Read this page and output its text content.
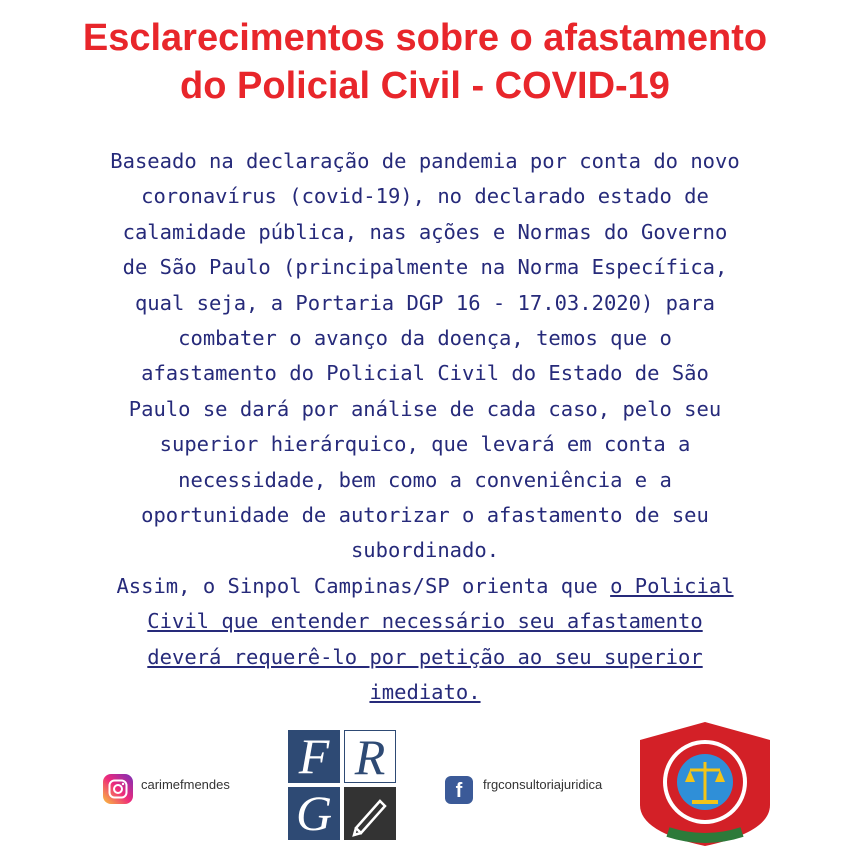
Esclarecimentos sobre o afastamento
do Policial Civil - COVID-19
Baseado na declaração de pandemia por conta do novo
coronavírus (covid-19), no declarado estado de
calamidade pública, nas ações e Normas do Governo
de São Paulo (principalmente na Norma Específica,
qual seja, a Portaria DGP 16 - 17.03.2020) para
combater o avanço da doença, temos que o
afastamento do Policial Civil do Estado de São
Paulo se dará por análise de cada caso, pelo seu
superior hierárquico, que levará em conta a
necessidade, bem como a conveniência e a
oportunidade de autorizar o afastamento de seu
subordinado.
Assim, o Sinpol Campinas/SP orienta que o Policial
Civil que entender necessário seu afastamento
deverá requerê-lo por petição ao seu superior
imediato.
carimefmendes
F R
G	f	frgconsultoriajuridica
